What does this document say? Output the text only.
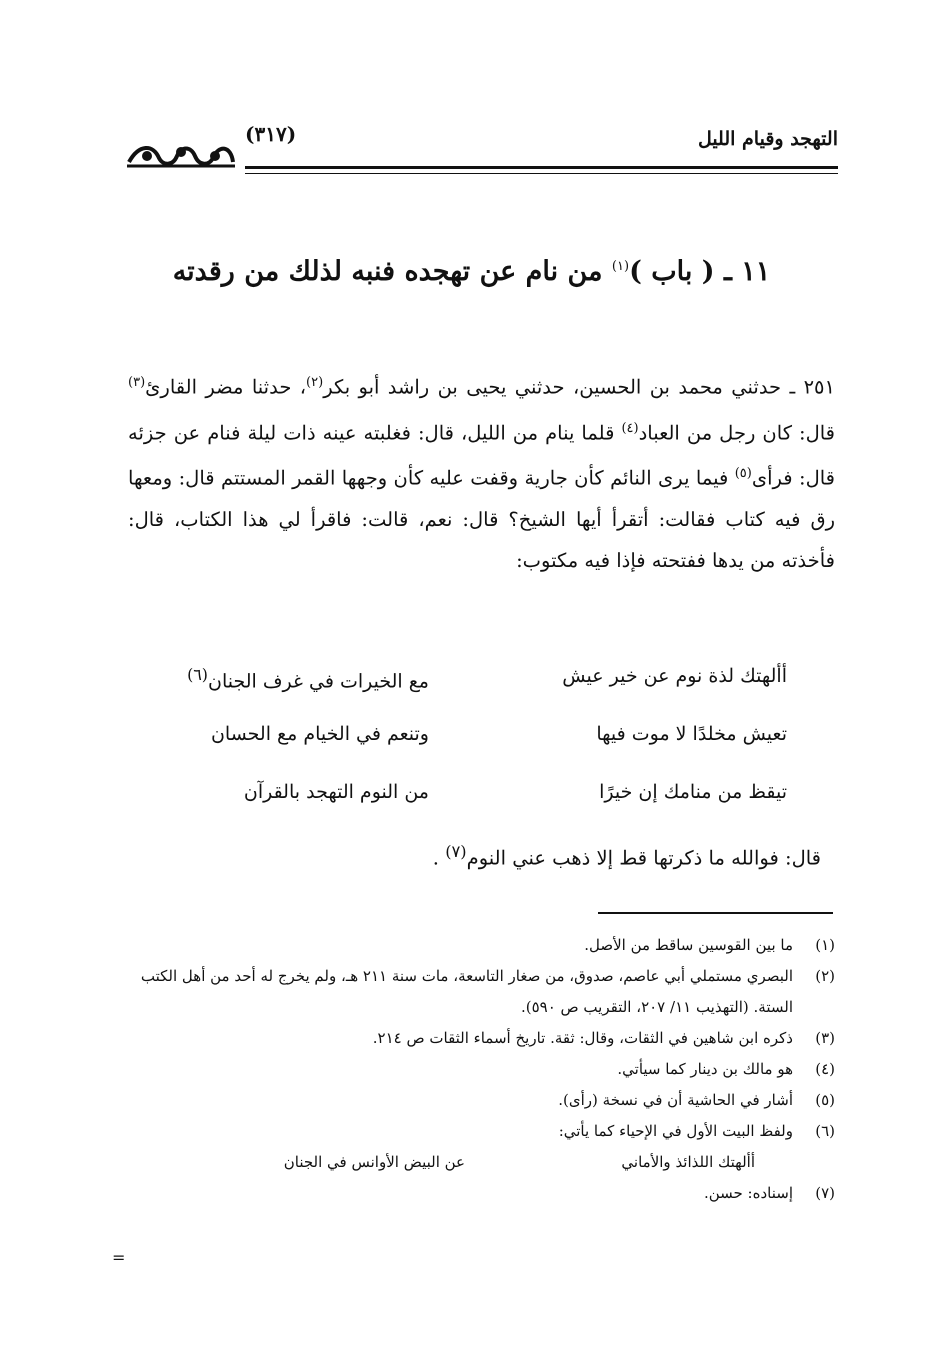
التهجد وقيام الليل
(٣١٧)
١١ ـ ( باب )$^{(١)}$ من نام عن تهجده فنبه لذلك من رقدته
٢٥١ ـ حدثني محمد بن الحسين، حدثني يحيى بن راشد أبو بكر$^{(٢)}$، حدثنا مضر القارئ$^{(٣)}$ قال: كان رجل من العباد$^{(٤)}$ قلما ينام من الليل، قال: فغلبته عينه ذات ليلة فنام عن جزئه قال: فرأى$^{(٥)}$ فيما يرى النائم كأن جارية وقفت عليه كأن وجهها القمر المستتم قال: ومعها رق فيه كتاب فقالت: أتقرأ أيها الشيخ؟ قال: نعم، قالت: فاقرأ لي هذا الكتاب، قال: فأخذته من يدها ففتحته فإذا فيه مكتوب:
أألهتك لذة نوم عن خير عيش
مع الخيرات في غرف الجنان$^{(٦)}$
تعيش مخلدًا لا موت فيها
وتنعم في الخيام مع الحسان
تيقظ من منامك إن خيرًا
من النوم التهجد بالقرآن
قال: فوالله ما ذكرتها قط إلا ذهب عني النوم$^{(٧)}$ .
(١)
ما بين القوسين ساقط من الأصل.
(٢)
البصري مستملي أبي عاصم، صدوق، من صغار التاسعة، مات سنة ٢١١ هـ، ولم يخرج له أحد من أهل الكتب الستة. (التهذيب ١١/ ٢٠٧، التقريب ص ٥٩٠).
(٣)
ذكره ابن شاهين في الثقات، وقال: ثقة. تاريخ أسماء الثقات ص ٢١٤.
(٤)
هو مالك بن دينار كما سيأتي.
(٥)
أشار في الحاشية أن في نسخة (رأى).
(٦)
ولفظ البيت الأول في الإحياء كما يأتي:
أألهتك اللذائذ والأماني
عن البيض الأوانس في الجنان
(٧)
إسناده: حسن.
=
